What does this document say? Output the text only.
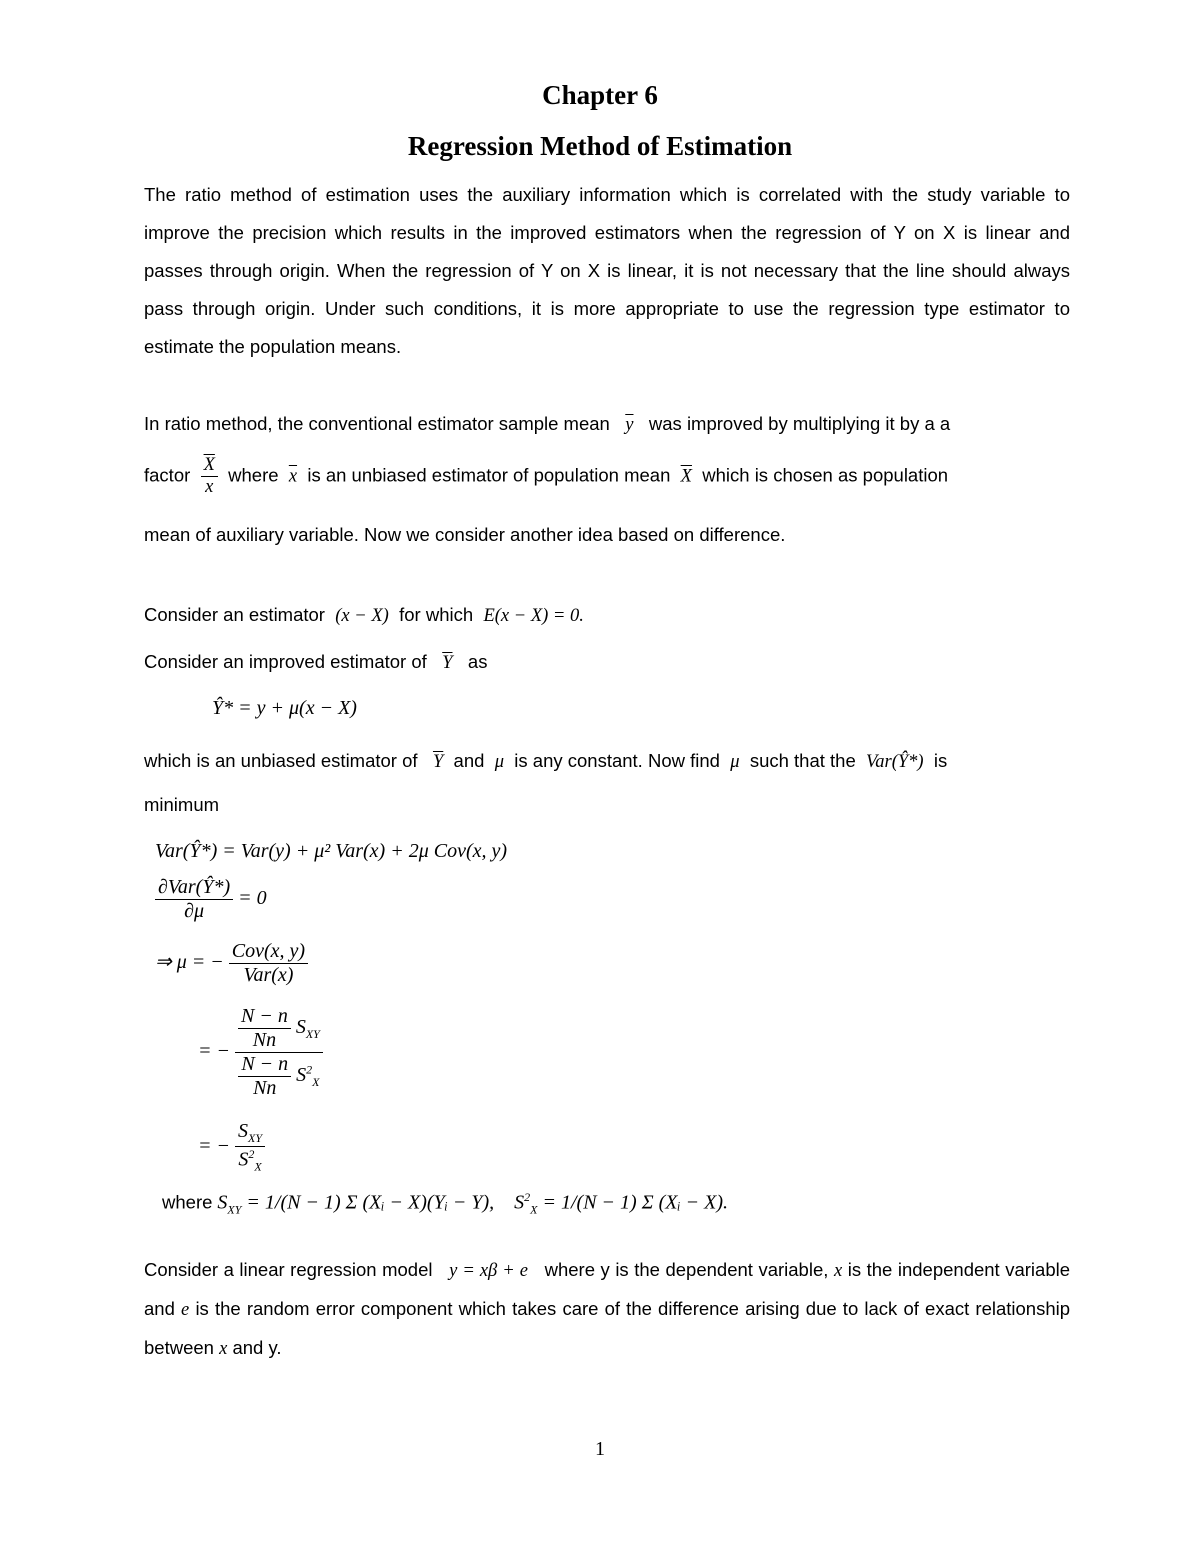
Chapter 6
Regression Method of Estimation
The ratio method of estimation uses the auxiliary information which is correlated with the study variable to improve the precision which results in the improved estimators when the regression of Y on X is linear and passes through origin. When the regression of Y on X is linear, it is not necessary that the line should always pass through origin. Under such conditions, it is more appropriate to use the regression type estimator to estimate the population means.
In ratio method, the conventional estimator sample mean $\overline{y}$ was improved by multiplying it by a a
factor $\frac{\overline{X}}{x}$ where $\overline{x}$ is an unbiased estimator of population mean $\overline{X}$ which is chosen as population
mean of auxiliary variable. Now we consider another idea based on difference.
Consider an estimator (x − X) for which E(x − X) = 0.
Consider an improved estimator of $\overline{Y}$ as
Ŷ* = y + μ(x − X)
which is an unbiased estimator of $\overline{Y}$ and μ is any constant. Now find μ such that the Var(Ŷ*) is
minimum
Var(Ŷ*) = Var(y) + μ² Var(x) + 2μ Cov(x, y)
$\frac{\text{∂Var(Ŷ*)}}{\partial\mu} = 0$
⇒ μ = − $\frac{\text{Cov(x, y)}}{\text{Var(x)}}$
= − $\frac{\frac{N - n}{Nn} S_{XY}}{\frac{N - n}{Nn} S^2_X}$
= − $\frac{S_{XY}}{S^2_X}$
where $S_{XY} = 1/(N - 1)$ Σ (Xᵢ − X)(Yᵢ − Y), $S^2_X = 1/(N - 1)$ Σ (Xᵢ − X).
Consider a linear regression model y = xβ + e where y is the dependent variable, x is the independent variable and e is the random error component which takes care of the difference arising due to lack of exact relationship between x and y.
1
